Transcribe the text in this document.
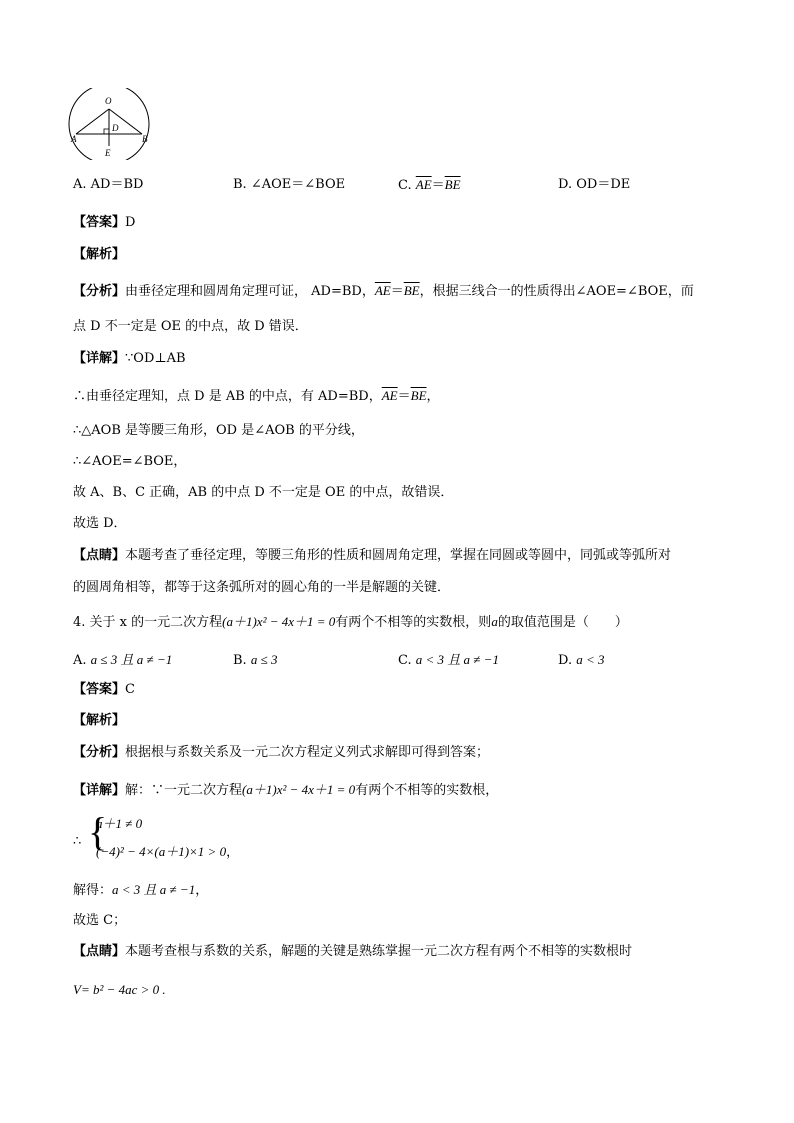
O
D
A	B
E
A. AD＝BD	B. ∠AOE＝∠BOE	C. $\overline{AE}=\overline{BE}$	D. OD＝DE
【答案】D
【解析】
【分析】由垂径定理和圆周角定理可证， AD=BD，$\overline{AE}=\overline{BE}$，根据三线合一的性质得出∠AOE=∠BOE，而
点 D 不一定是 OE 的中点，故 D 错误．
【详解】∵OD⊥AB
∴由垂径定理知，点 D 是 AB 的中点，有 AD=BD，$\overline{AE}=\overline{BE}$，
∴△AOB 是等腰三角形，OD 是∠AOB 的平分线，
∴∠AOE=∠BOE，
故 A、B、C 正确，AB 的中点 D 不一定是 OE 的中点，故错误．
故选 D．
【点睛】本题考查了垂径定理，等腰三角形的性质和圆周角定理，掌握在同圆或等圆中，同弧或等弧所对
的圆周角相等，都等于这条弧所对的圆心角的一半是解题的关键．
4. 关于 x 的一元二次方程(a＋1)x² − 4x＋1 = 0有两个不相等的实数根，则a的取值范围是（　　）
A. a ≤ 3 且 a ≠ −1	B. a ≤ 3	C. a < 3 且 a ≠ −1	D. a < 3
【答案】C
【解析】
【分析】根据根与系数关系及一元二次方程定义列式求解即可得到答案；
【详解】解：∵一元二次方程(a＋1)x² − 4x＋1 = 0有两个不相等的实数根，
∴ {
a＋1 ≠ 0
(−4)² − 4×(a＋1)×1 > 0，
解得：a < 3 且 a ≠ −1，
故选 C；
【点睛】本题考查根与系数的关系，解题的关键是熟练掌握一元二次方程有两个不相等的实数根时
V= b² − 4ac > 0 .
